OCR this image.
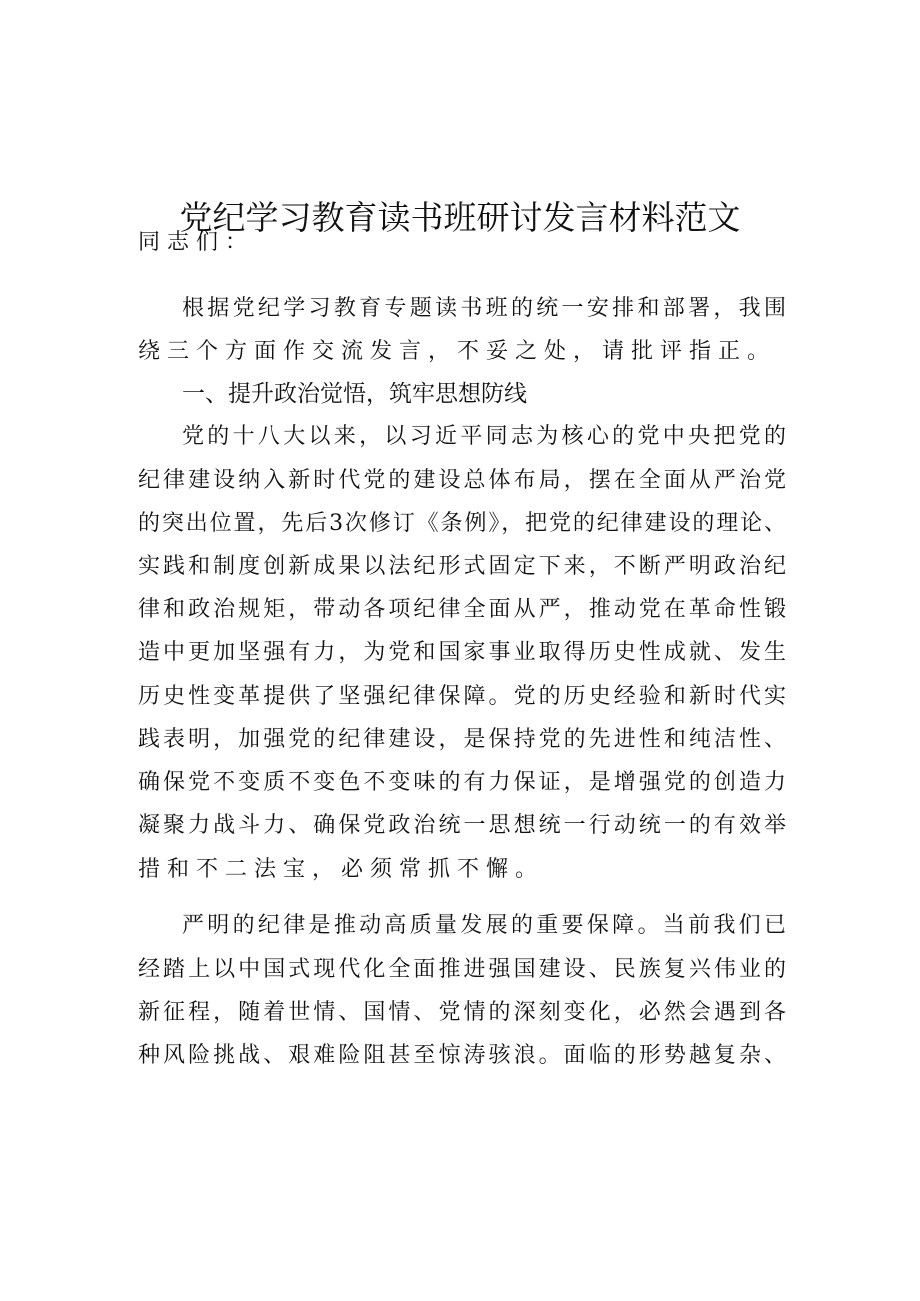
党纪学习教育读书班研讨发言材料范文
同志们：
根据党纪学习教育专题读书班的统一安排和部署，我围
绕三个方面作交流发言，不妥之处，请批评指正。
一、提升政治觉悟，筑牢思想防线
党的十八大以来，以习近平同志为核心的党中央把党的
纪律建设纳入新时代党的建设总体布局，摆在全面从严治党
的突出位置，先后3次修订《条例》，把党的纪律建设的理论、
实践和制度创新成果以法纪形式固定下来，不断严明政治纪
律和政治规矩，带动各项纪律全面从严，推动党在革命性锻
造中更加坚强有力，为党和国家事业取得历史性成就、发生
历史性变革提供了坚强纪律保障。党的历史经验和新时代实
践表明，加强党的纪律建设，是保持党的先进性和纯洁性、
确保党不变质不变色不变味的有力保证，是增强党的创造力
凝聚力战斗力、确保党政治统一思想统一行动统一的有效举
措和不二法宝，必须常抓不懈。
严明的纪律是推动高质量发展的重要保障。当前我们已
经踏上以中国式现代化全面推进强国建设、民族复兴伟业的
新征程，随着世情、国情、党情的深刻变化，必然会遇到各
种风险挑战、艰难险阻甚至惊涛骇浪。面临的形势越复杂、
